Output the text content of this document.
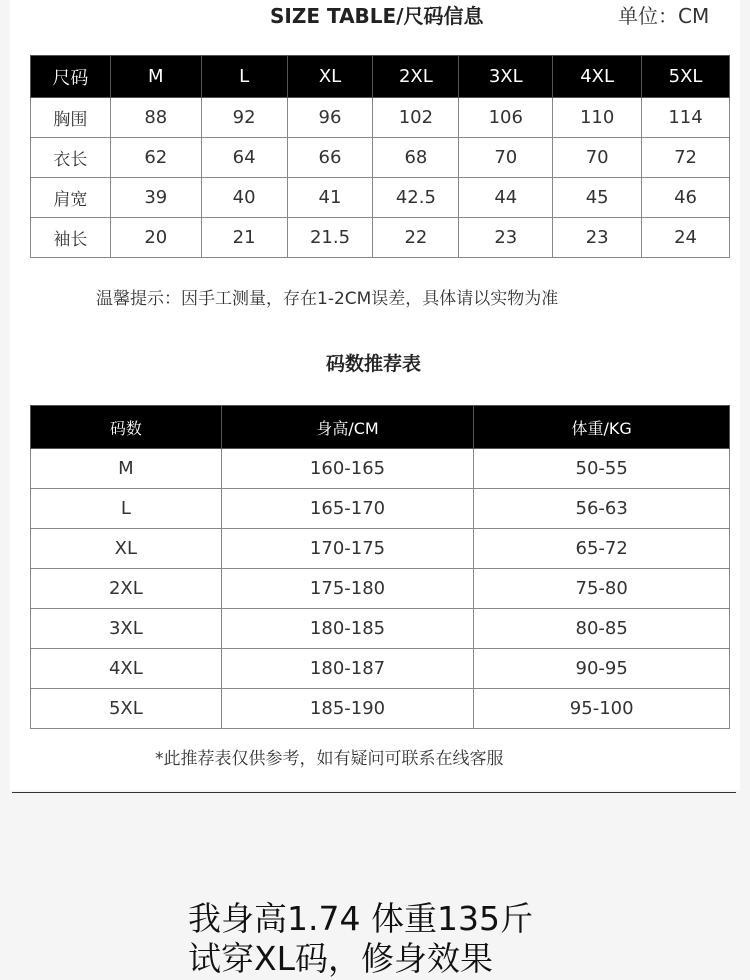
SIZE TABLE/尺码信息	单位：CM
尺码	M	L	XL	2XL	3XL	4XL	5XL
胸围	88	92	96	102	106	110	114
衣长	62	64	66	68	70	70	72
肩宽	39	40	41	42.5	44	45	46
袖长	20	21	21.5	22	23	23	24
温馨提示：因手工测量，存在1-2CM误差，具体请以实物为准
码数推荐表
码数	身高/CM	体重/KG
M	160-165	50-55
L	165-170	56-63
XL	170-175	65-72
2XL	175-180	75-80
3XL	180-185	80-85
4XL	180-187	90-95
5XL	185-190	95-100
*此推荐表仅供参考，如有疑问可联系在线客服
我身高1.74 体重135斤
试穿XL码，修身效果
